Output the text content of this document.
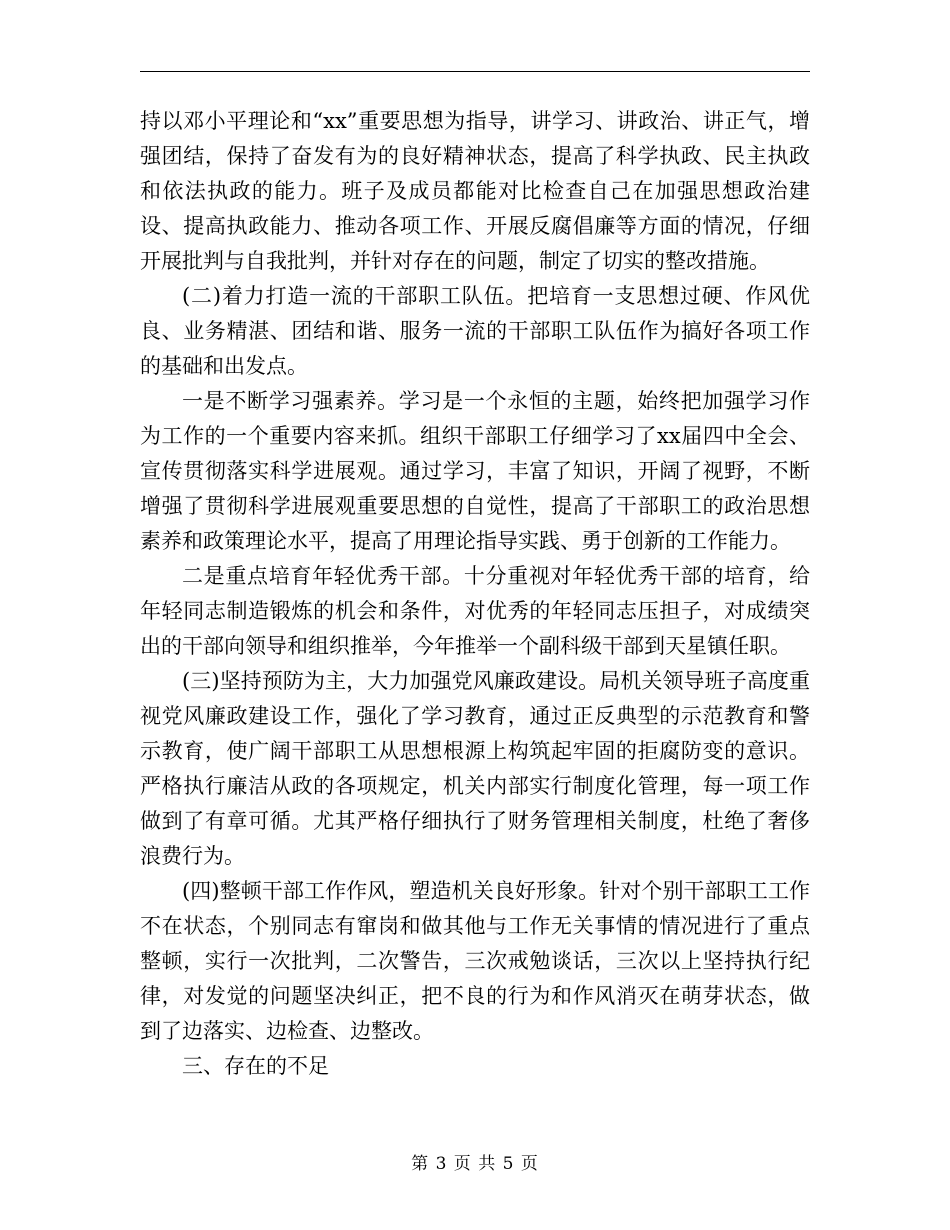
持以邓小平理论和“xx”重要思想为指导，讲学习、讲政治、讲正气，增强团结，保持了奋发有为的良好精神状态，提高了科学执政、民主执政和依法执政的能力。班子及成员都能对比检查自己在加强思想政治建设、提高执政能力、推动各项工作、开展反腐倡廉等方面的情况，仔细开展批判与自我批判，并针对存在的问题，制定了切实的整改措施。

(二)着力打造一流的干部职工队伍。把培育一支思想过硬、作风优良、业务精湛、团结和谐、服务一流的干部职工队伍作为搞好各项工作的基础和出发点。

一是不断学习强素养。学习是一个永恒的主题，始终把加强学习作为工作的一个重要内容来抓。组织干部职工仔细学习了xx届四中全会、宣传贯彻落实科学进展观。通过学习，丰富了知识，开阔了视野，不断增强了贯彻科学进展观重要思想的自觉性，提高了干部职工的政治思想素养和政策理论水平，提高了用理论指导实践、勇于创新的工作能力。

二是重点培育年轻优秀干部。十分重视对年轻优秀干部的培育，给年轻同志制造锻炼的机会和条件，对优秀的年轻同志压担子，对成绩突出的干部向领导和组织推举，今年推举一个副科级干部到天星镇任职。

(三)坚持预防为主，大力加强党风廉政建设。局机关领导班子高度重视党风廉政建设工作，强化了学习教育，通过正反典型的示范教育和警示教育，使广阔干部职工从思想根源上构筑起牢固的拒腐防变的意识。严格执行廉洁从政的各项规定，机关内部实行制度化管理，每一项工作做到了有章可循。尤其严格仔细执行了财务管理相关制度，杜绝了奢侈浪费行为。

(四)整顿干部工作作风，塑造机关良好形象。针对个别干部职工工作不在状态，个别同志有窜岗和做其他与工作无关事情的情况进行了重点整顿，实行一次批判，二次警告，三次戒勉谈话，三次以上坚持执行纪律，对发觉的问题坚决纠正，把不良的行为和作风消灭在萌芽状态，做到了边落实、边检查、边整改。

三、存在的不足

第 3 页 共 5 页
